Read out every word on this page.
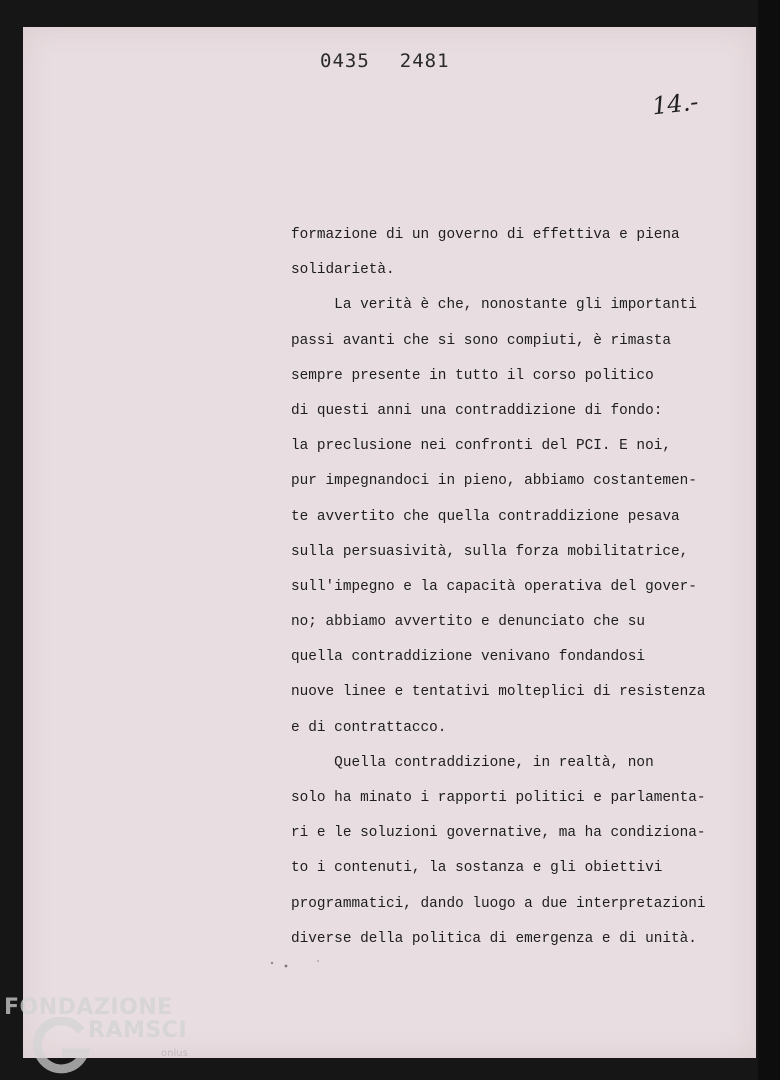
0435 2481

14.-
formazione di un governo di effettiva e piena
solidarietà.
La verità è che, nonostante gli importanti
passi avanti che si sono compiuti, è rimasta
sempre presente in tutto il corso politico
di questi anni una contraddizione di fondo:
la preclusione nei confronti del PCI. E noi,
pur impegnandoci in pieno, abbiamo costantemen-
te avvertito che quella contraddizione pesava
sulla persuasività, sulla forza mobilitatrice,
sull'impegno e la capacità operativa del gover-
no; abbiamo avvertito e denunciato che su
quella contraddizione venivano fondandosi
nuove linee e tentativi molteplici di resistenza
e di contrattacco.
Quella contraddizione, in realtà, non
solo ha minato i rapporti politici e parlamenta-
ri e le soluzioni governative, ma ha condiziona-
to i contenuti, la sostanza e gli obiettivi
programmatici, dando luogo a due interpretazioni
diverse della politica di emergenza e di unità.
FONDAZIONE
RAMSCI
onlus
